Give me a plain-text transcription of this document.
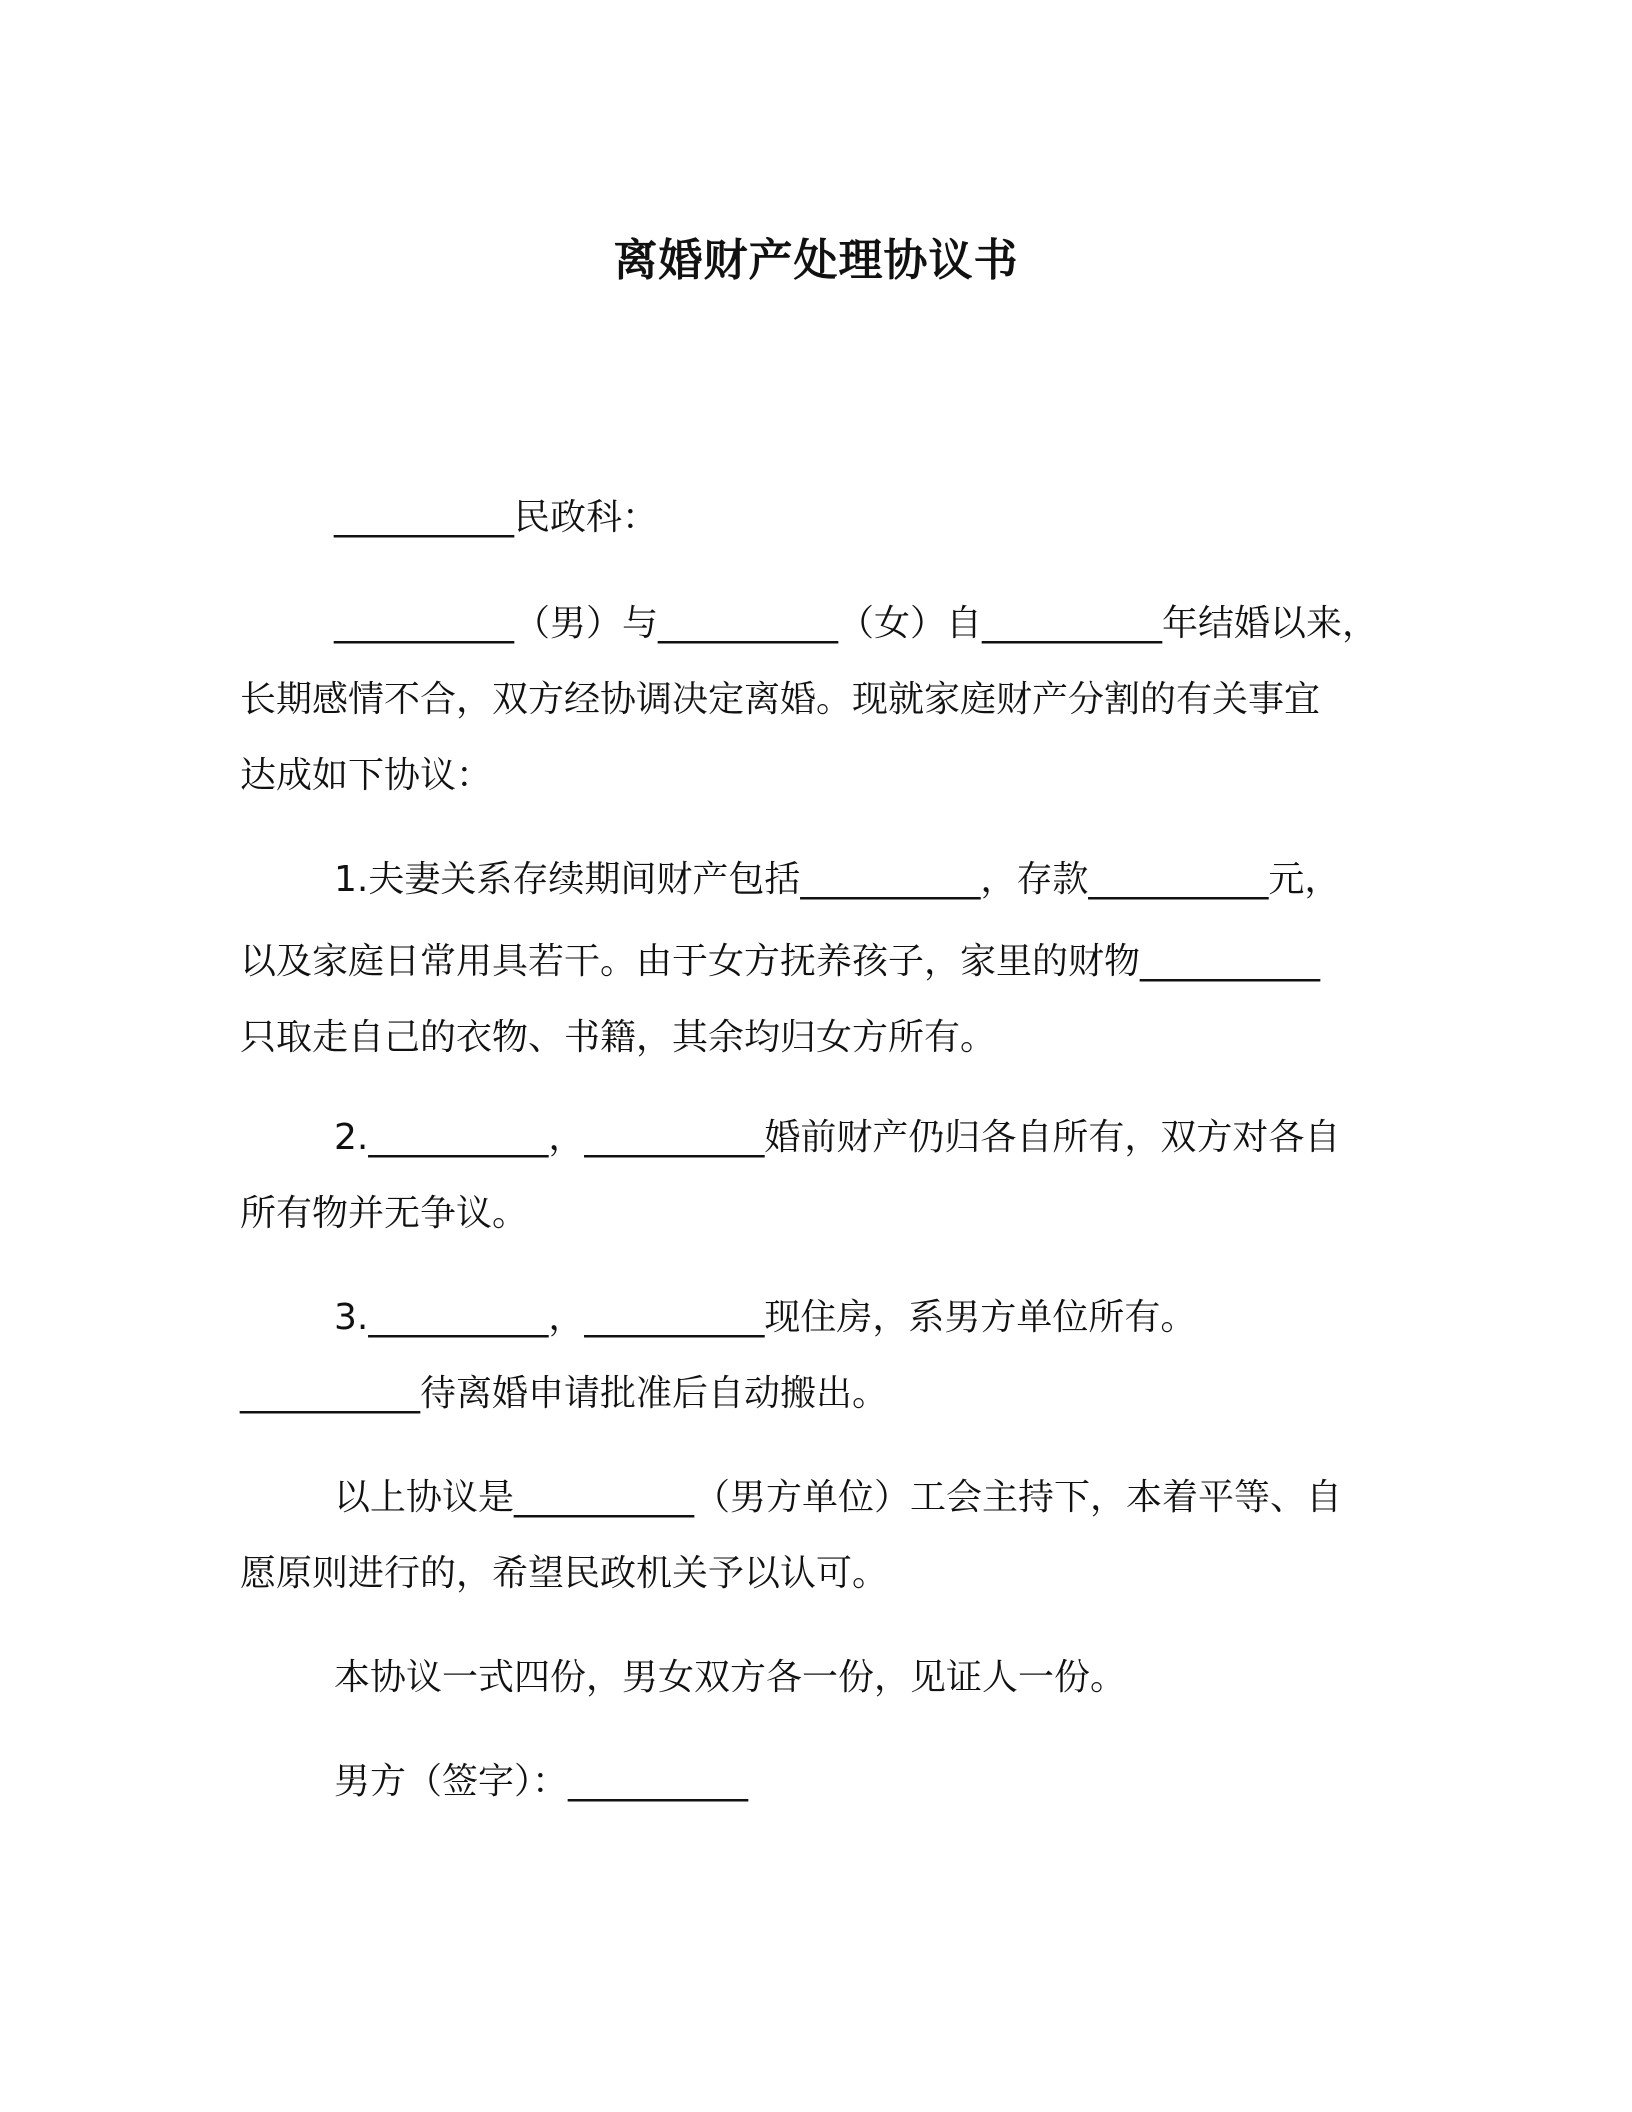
离婚财产处理协议书

__________民政科：

__________（男）与__________（女）自__________年结婚以来，

长期感情不合，双方经协调决定离婚。现就家庭财产分割的有关事宜

达成如下协议：

1.夫妻关系存续期间财产包括__________，存款__________元，

以及家庭日常用具若干。由于女方抚养孩子，家里的财物__________

只取走自己的衣物、书籍，其余均归女方所有。

2.__________，__________婚前财产仍归各自所有，双方对各自

所有物并无争议。

3.__________，__________现住房，系男方单位所有。

__________待离婚申请批准后自动搬出。

以上协议是__________（男方单位）工会主持下，本着平等、自

愿原则进行的，希望民政机关予以认可。

本协议一式四份，男女双方各一份，见证人一份。

男方（签字）：__________
